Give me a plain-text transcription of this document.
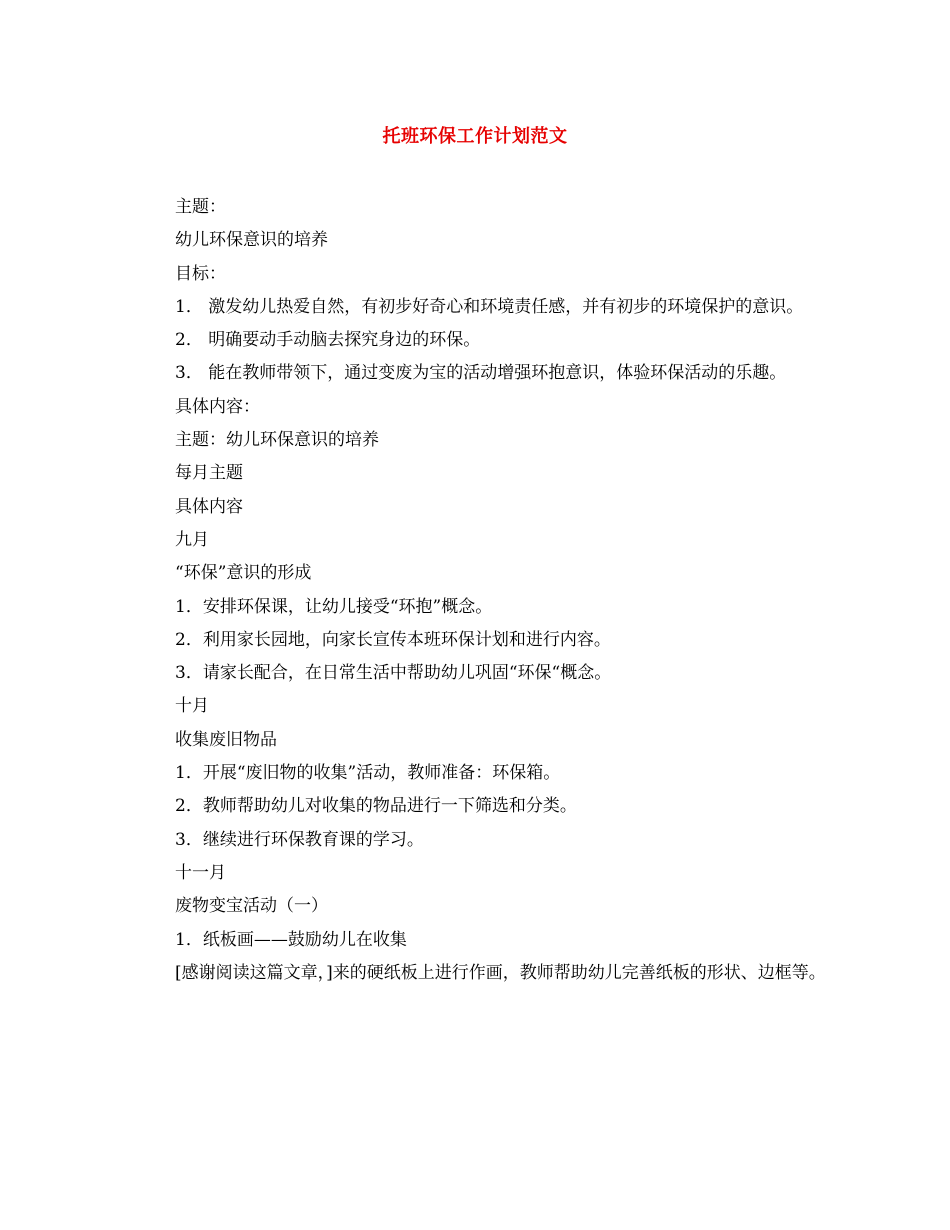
托班环保工作计划范文

主题：

幼儿环保意识的培养

目标：

1． 激发幼儿热爱自然，有初步好奇心和环境责任感，并有初步的环境保护的意识。

2． 明确要动手动脑去探究身边的环保。

3． 能在教师带领下，通过变废为宝的活动增强环抱意识，体验环保活动的乐趣。

具体内容：

主题：幼儿环保意识的培养

每月主题

具体内容

九月

“环保”意识的形成

1．安排环保课，让幼儿接受“环抱”概念。

2．利用家长园地，向家长宣传本班环保计划和进行内容。

3．请家长配合，在日常生活中帮助幼儿巩固“环保“概念。

十月

收集废旧物品

1．开展“废旧物的收集”活动，教师准备：环保箱。

2．教师帮助幼儿对收集的物品进行一下筛选和分类。

3．继续进行环保教育课的学习。

十一月

废物变宝活动（一）

1．纸板画——鼓励幼儿在收集

[感谢阅读这篇文章，]来的硬纸板上进行作画，教师帮助幼儿完善纸板的形状、边框等。
